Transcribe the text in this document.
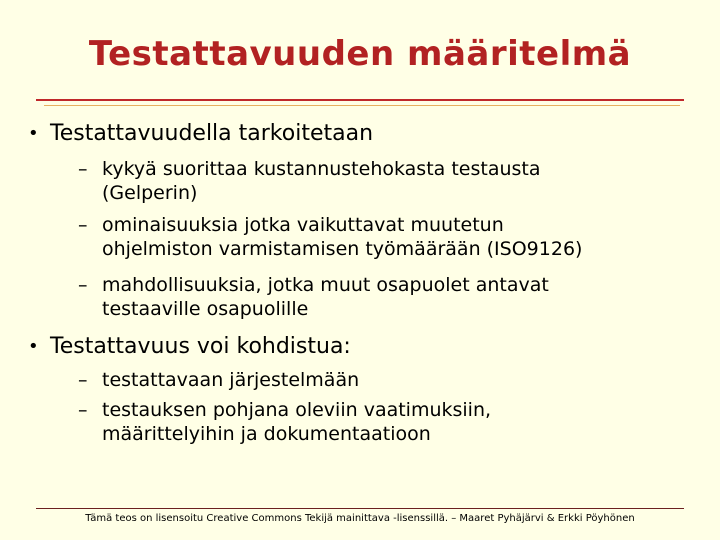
Testattavuuden määritelmä
• Testattavuudella tarkoitetaan
– kykyä suorittaa kustannustehokasta testausta
(Gelperin)
– ominaisuuksia jotka vaikuttavat muutetun
ohjelmiston varmistamisen työmäärään (ISO9126)
– mahdollisuuksia, jotka muut osapuolet antavat
testaaville osapuolille
• Testattavuus voi kohdistua:
– testattavaan järjestelmään
– testauksen pohjana oleviin vaatimuksiin,
määrittelyihin ja dokumentaatioon
Tämä teos on lisensoitu Creative Commons Tekijä mainittava -lisenssillä. – Maaret Pyhäjärvi & Erkki Pöyhönen
